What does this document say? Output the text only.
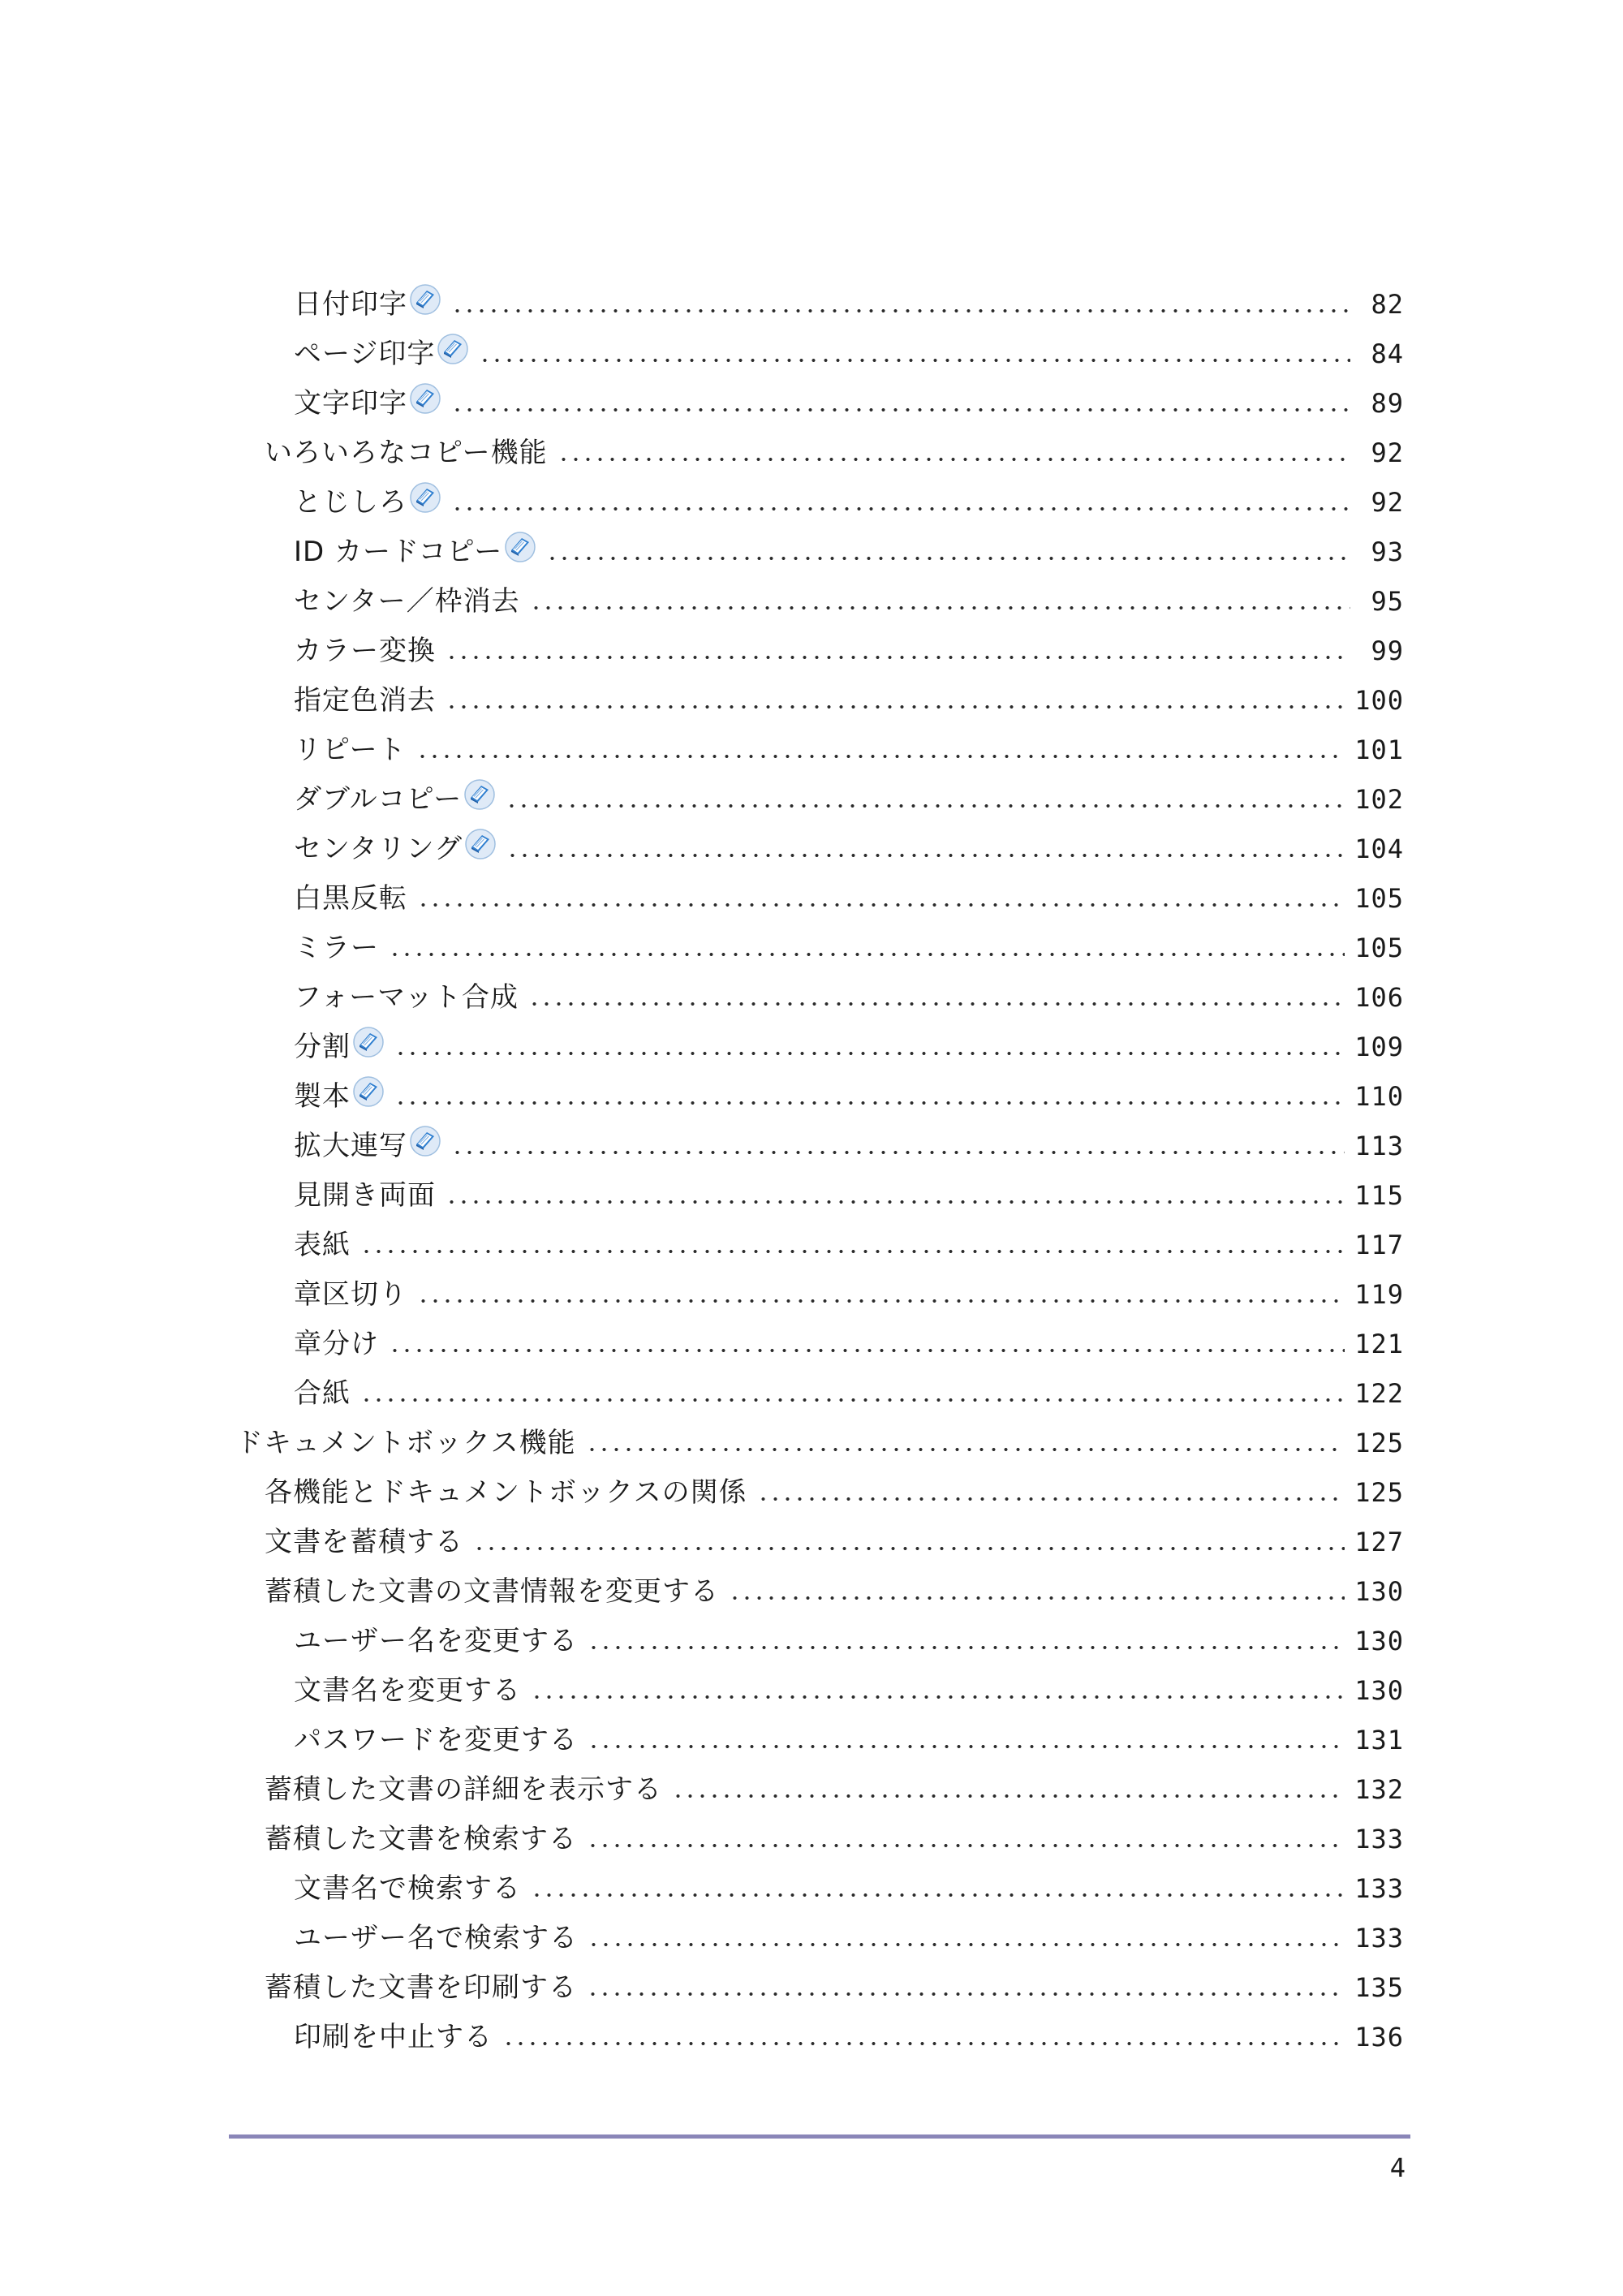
日付印字	82
ページ印字	84
文字印字	89
いろいろなコピー機能	92
とじしろ	92
ID カードコピー	93
センター／枠消去	95
カラー変換	99
指定色消去	100
リピート	101
ダブルコピー	102
センタリング	104
白黒反転	105
ミラー	105
フォーマット合成	106
分割	109
製本	110
拡大連写	113
見開き両面	115
表紙	117
章区切り	119
章分け	121
合紙	122
ドキュメントボックス機能	125
各機能とドキュメントボックスの関係	125
文書を蓄積する	127
蓄積した文書の文書情報を変更する	130
ユーザー名を変更する	130
文書名を変更する	130
パスワードを変更する	131
蓄積した文書の詳細を表示する	132
蓄積した文書を検索する	133
文書名で検索する	133
ユーザー名で検索する	133
蓄積した文書を印刷する	135
印刷を中止する	136
4
